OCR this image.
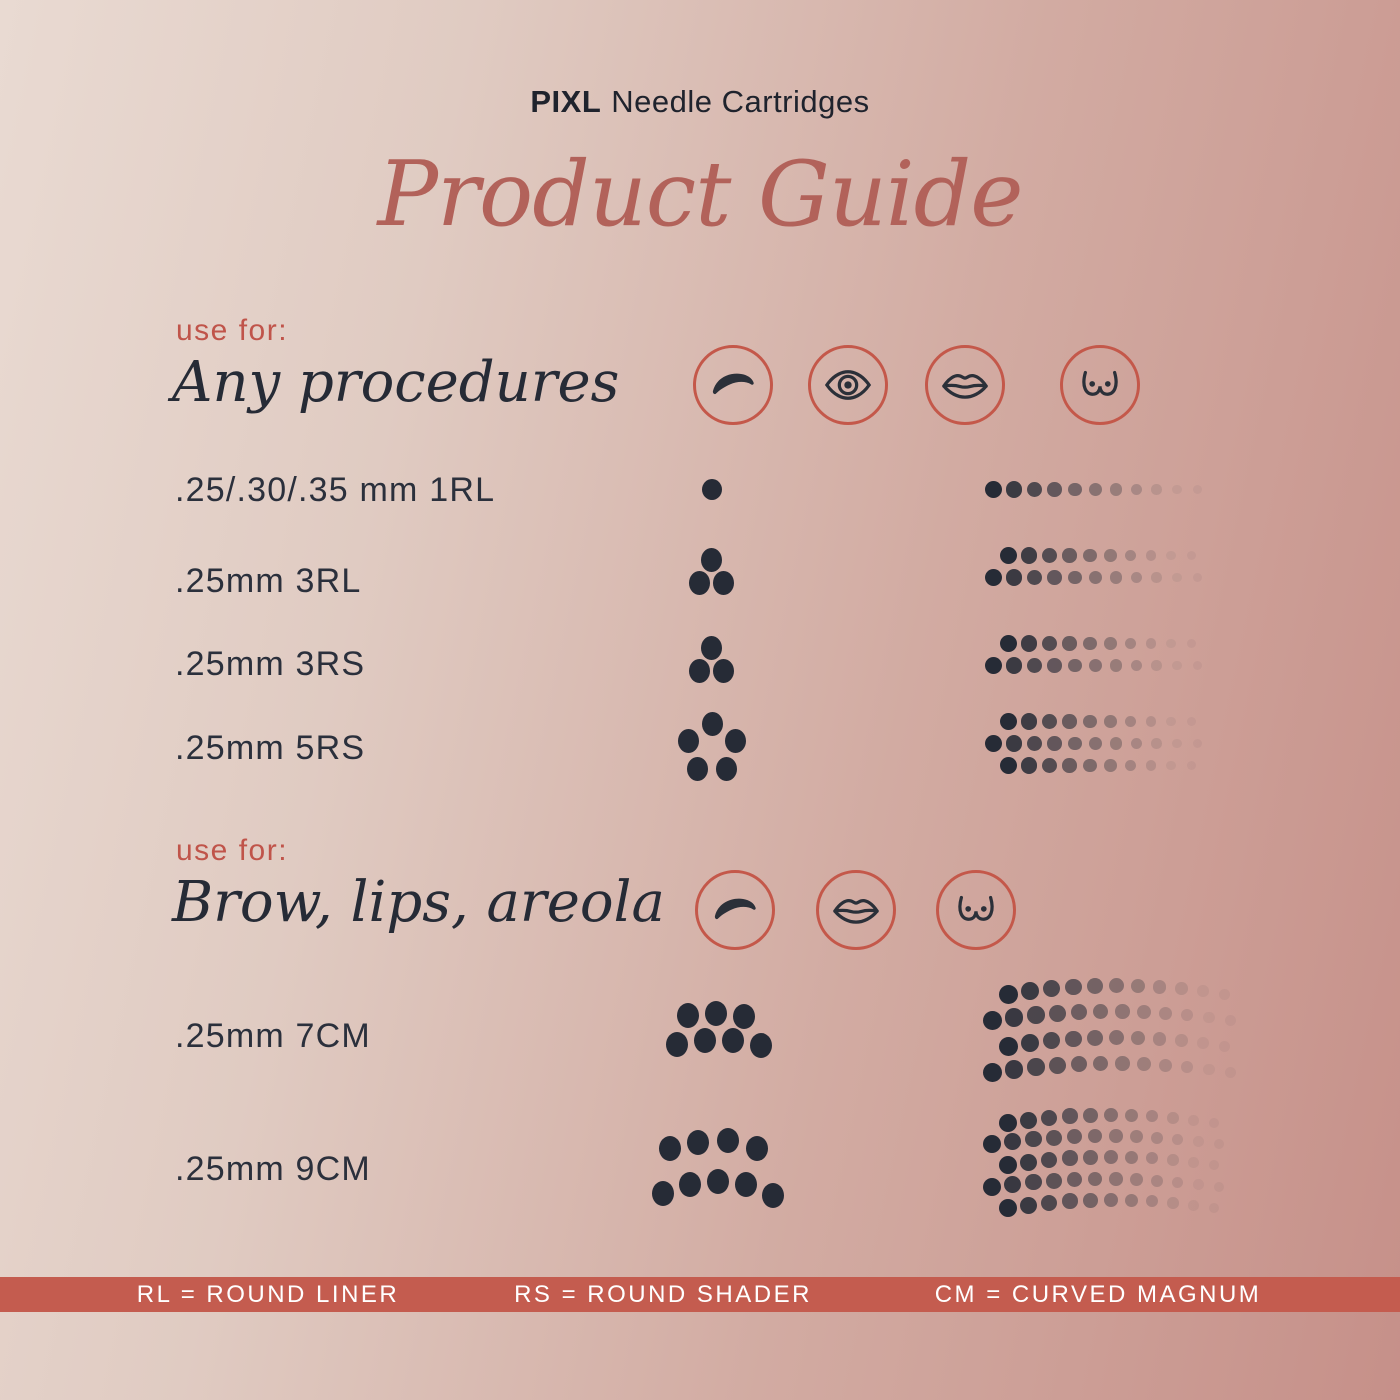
PIXL Needle Cartridges
Product Guide
use for:
Any procedures
.25/.30/.35 mm 1RL
.25mm 3RL
.25mm 3RS
.25mm 5RS
use for:
Brow, lips, areola
.25mm 7CM
.25mm 9CM
RL = ROUND LINER	RS = ROUND SHADER	CM = CURVED MAGNUM
